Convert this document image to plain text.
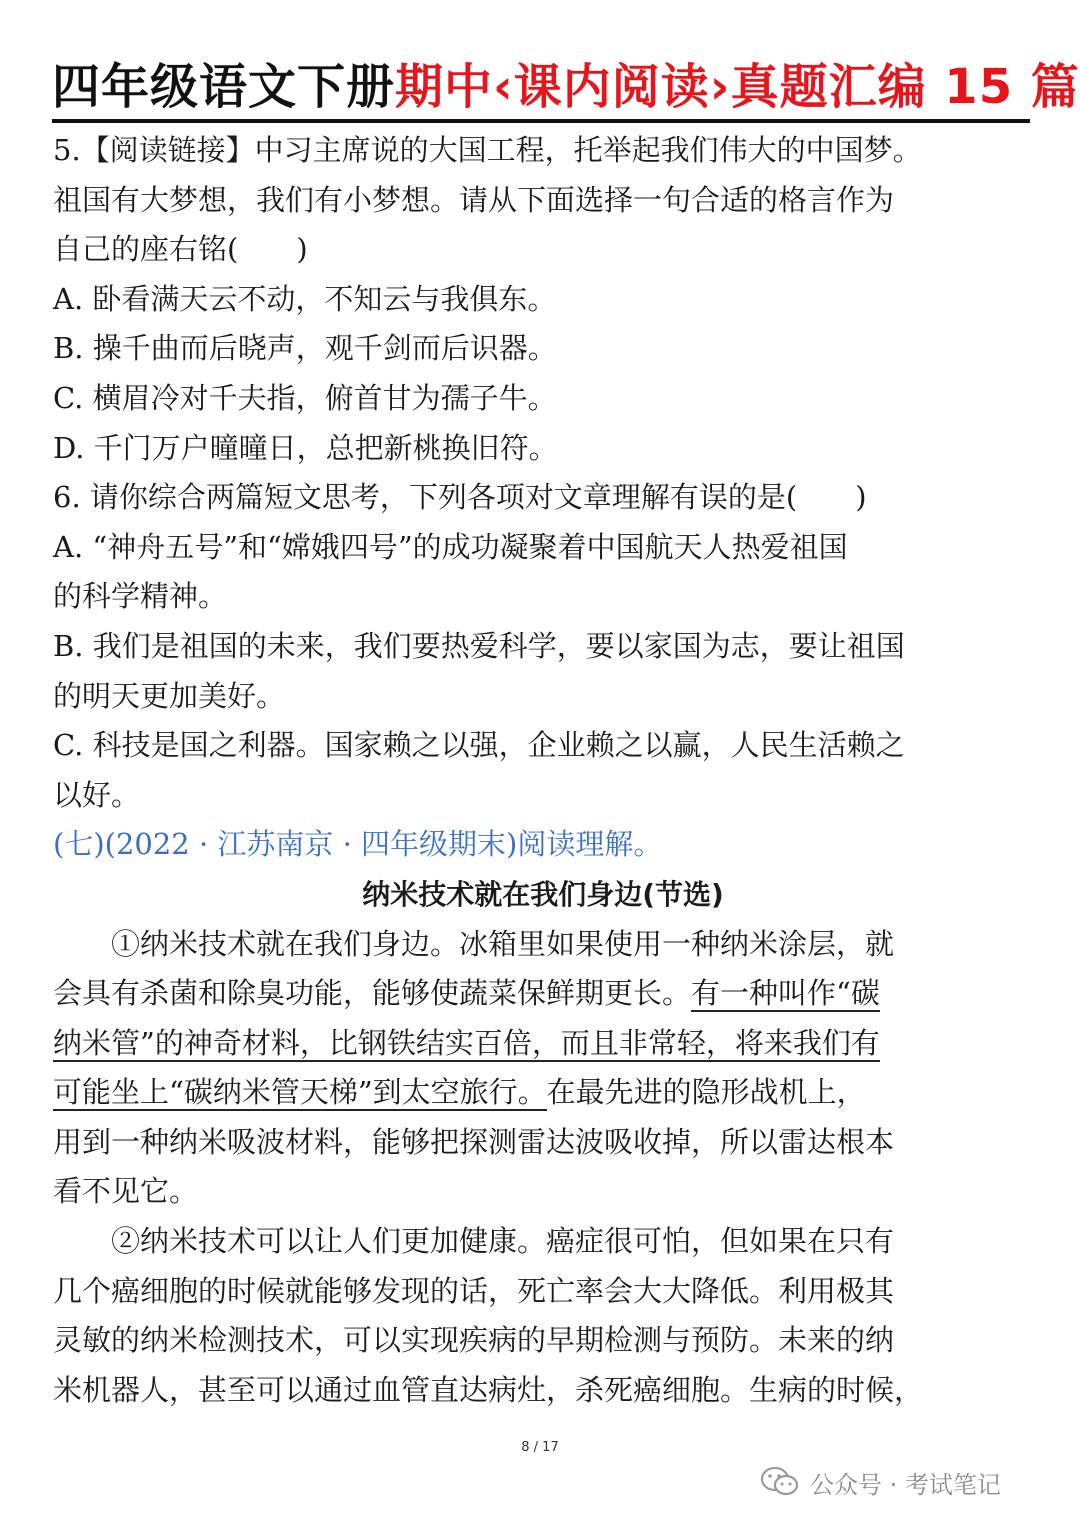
四年级语文下册期中‹课内阅读›真题汇编 15 篇
5.【阅读链接】中习主席说的大国工程，托举起我们伟大的中国梦。
祖国有大梦想，我们有小梦想。请从下面选择一句合适的格言作为
自己的座右铭(　　)
A. 卧看满天云不动，不知云与我俱东。
B. 操千曲而后晓声，观千剑而后识器。
C. 横眉冷对千夫指，俯首甘为孺子牛。
D. 千门万户曈曈日，总把新桃换旧符。
6. 请你综合两篇短文思考，下列各项对文章理解有误的是(　　)
A. “神舟五号”和“嫦娥四号”的成功凝聚着中国航天人热爱祖国
的科学精神。
B. 我们是祖国的未来，我们要热爱科学，要以家国为志，要让祖国
的明天更加美好。
C. 科技是国之利器。国家赖之以强，企业赖之以赢，人民生活赖之
以好。
(七)(2022 · 江苏南京 · 四年级期末)阅读理解。
纳米技术就在我们身边(节选)
①纳米技术就在我们身边。冰箱里如果使用一种纳米涂层，就
会具有杀菌和除臭功能，能够使蔬菜保鲜期更长。有一种叫作“碳
纳米管”的神奇材料，比钢铁结实百倍，而且非常轻，将来我们有
可能坐上“碳纳米管天梯”到太空旅行。在最先进的隐形战机上，
用到一种纳米吸波材料，能够把探测雷达波吸收掉，所以雷达根本
看不见它。
②纳米技术可以让人们更加健康。癌症很可怕，但如果在只有
几个癌细胞的时候就能够发现的话，死亡率会大大降低。利用极其
灵敏的纳米检测技术，可以实现疾病的早期检测与预防。未来的纳
米机器人，甚至可以通过血管直达病灶，杀死癌细胞。生病的时候，
8 / 17
公众号 · 考试笔记
